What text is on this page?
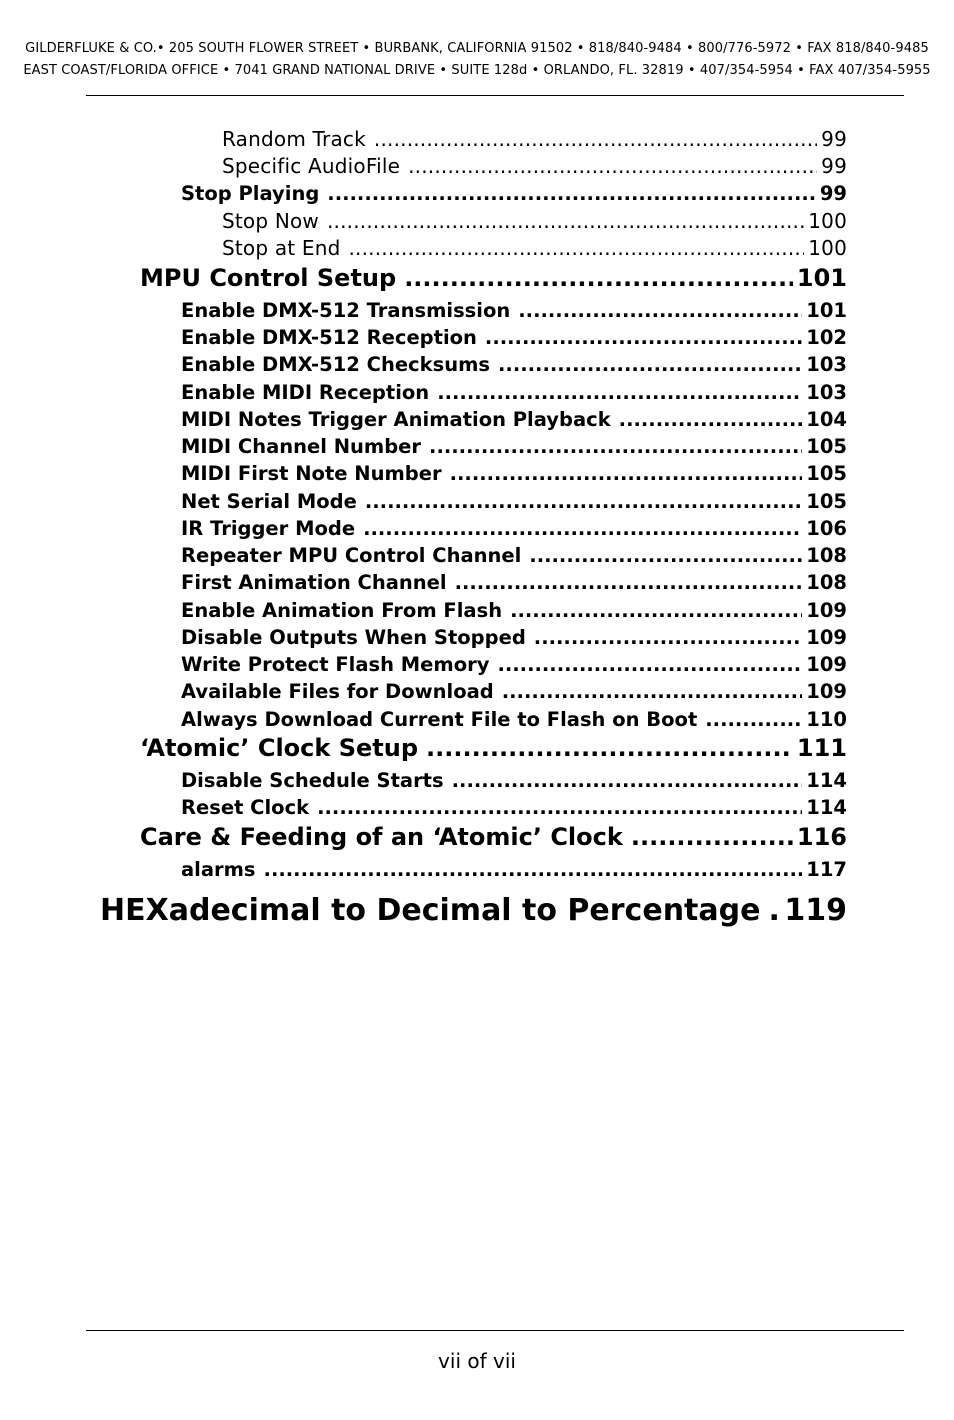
GILDERFLUKE & CO.• 205 SOUTH FLOWER STREET • BURBANK, CALIFORNIA 91502 • 818/840-9484 • 800/776-5972 • FAX 818/840-9485
EAST COAST/FLORIDA OFFICE • 7041 GRAND NATIONAL DRIVE • SUITE 128d • ORLANDO, FL. 32819 • 407/354-5954 • FAX 407/354-5955
Random Track .....	99
Specific AudioFile .....	99
Stop Playing .....	99
Stop Now .....	100
Stop at End .....	100
MPU Control Setup .....	101
Enable DMX-512 Transmission .....	101
Enable DMX-512 Reception .....	102
Enable DMX-512 Checksums .....	103
Enable MIDI Reception .....	103
MIDI Notes Trigger Animation Playback .....	104
MIDI Channel Number .....	105
MIDI First Note Number .....	105
Net Serial Mode .....	105
IR Trigger Mode .....	106
Repeater MPU Control Channel .....	108
First Animation Channel .....	108
Enable Animation From Flash .....	109
Disable Outputs When Stopped .....	109
Write Protect Flash Memory .....	109
Available Files for Download .....	109
Always Download Current File to Flash on Boot .....	110
‘Atomic’ Clock Setup .....	111
Disable Schedule Starts .....	114
Reset Clock .....	114
Care & Feeding of an ‘Atomic’ Clock .....	116
alarms .....	117
HEXadecimal to Decimal to Percentage ..... 119
vii of vii
